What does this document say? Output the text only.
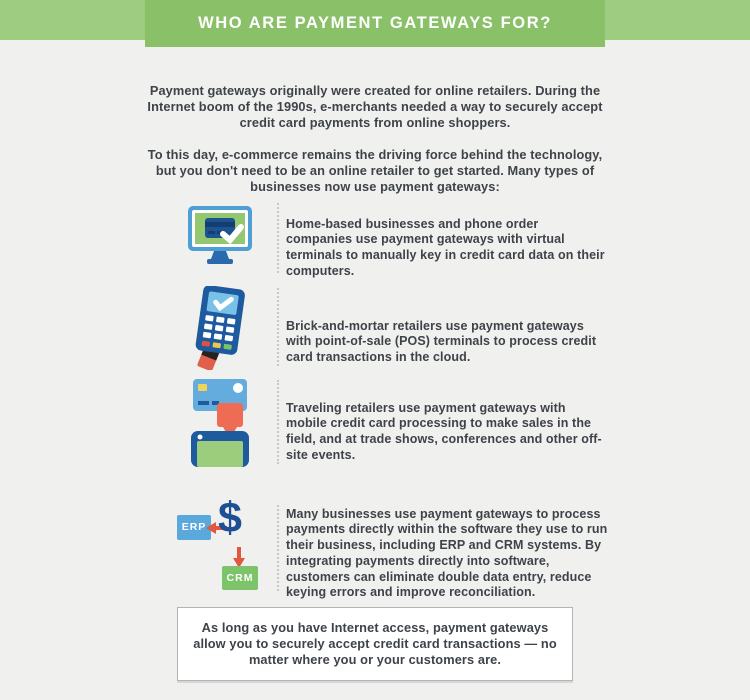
WHO ARE PAYMENT GATEWAYS FOR?

Payment gateways originally were created for online retailers. During the Internet boom of the 1990s, e-merchants needed a way to securely accept credit card payments from online shoppers.

To this day, e-commerce remains the driving force behind the technology, but you don't need to be an online retailer to get started. Many types of businesses now use payment gateways:

Home-based businesses and phone order companies use payment gateways with virtual terminals to manually key in credit card data on their computers.

Brick-and-mortar retailers use payment gateways with point-of-sale (POS) terminals to process credit card transactions in the cloud.

Traveling retailers use payment gateways with mobile credit card processing to make sales in the field, and at trade shows, conferences and other off-site events.

ERP $
CRM

Many businesses use payment gateways to process payments directly within the software they use to run their business, including ERP and CRM systems. By integrating payments directly into software, customers can eliminate double data entry, reduce keying errors and improve reconciliation.

As long as you have Internet access, payment gateways allow you to securely accept credit card transactions — no matter where you or your customers are.
